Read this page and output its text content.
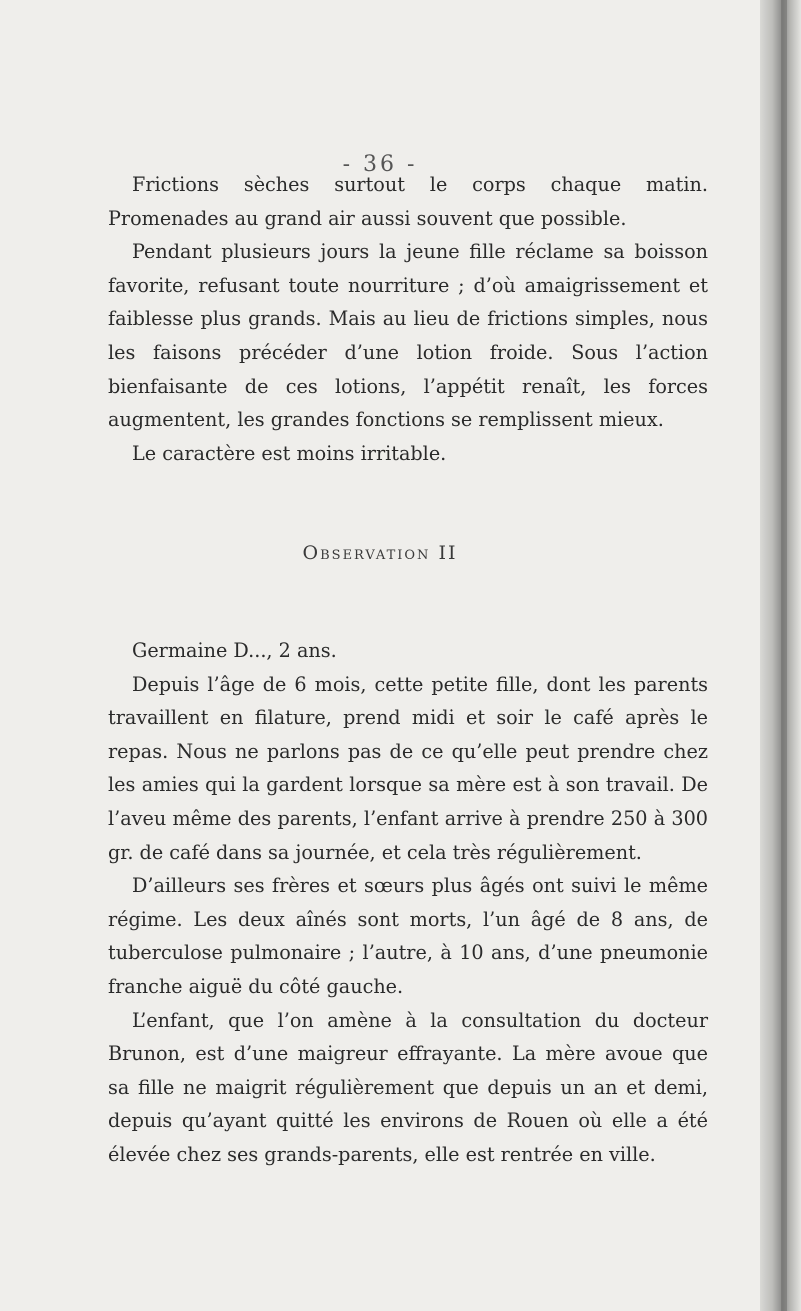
- 36 -

Frictions sèches surtout le corps chaque matin. Promenades au grand air aussi souvent que possible.

Pendant plusieurs jours la jeune fille réclame sa boisson favorite, refusant toute nourriture ; d’où amaigrissement et faiblesse plus grands. Mais au lieu de frictions simples, nous les faisons précéder d’une lotion froide. Sous l’action bienfaisante de ces lotions, l’appétit renaît, les forces augmentent, les grandes fonctions se remplissent mieux.

Le caractère est moins irritable.

Observation II

Germaine D..., 2 ans.

Depuis l’âge de 6 mois, cette petite fille, dont les parents travaillent en filature, prend midi et soir le café après le repas. Nous ne parlons pas de ce qu’elle peut prendre chez les amies qui la gardent lorsque sa mère est à son travail. De l’aveu même des parents, l’enfant arrive à prendre 250 à 300 gr. de café dans sa journée, et cela très régulièrement.

D’ailleurs ses frères et sœurs plus âgés ont suivi le même régime. Les deux aînés sont morts, l’un âgé de 8 ans, de tuberculose pulmonaire ; l’autre, à 10 ans, d’une pneumonie franche aiguë du côté gauche.

L’enfant, que l’on amène à la consultation du docteur Brunon, est d’une maigreur effrayante. La mère avoue que sa fille ne maigrit régulièrement que depuis un an et demi, depuis qu’ayant quitté les environs de Rouen où elle a été élevée chez ses grands-parents, elle est rentrée en ville.
